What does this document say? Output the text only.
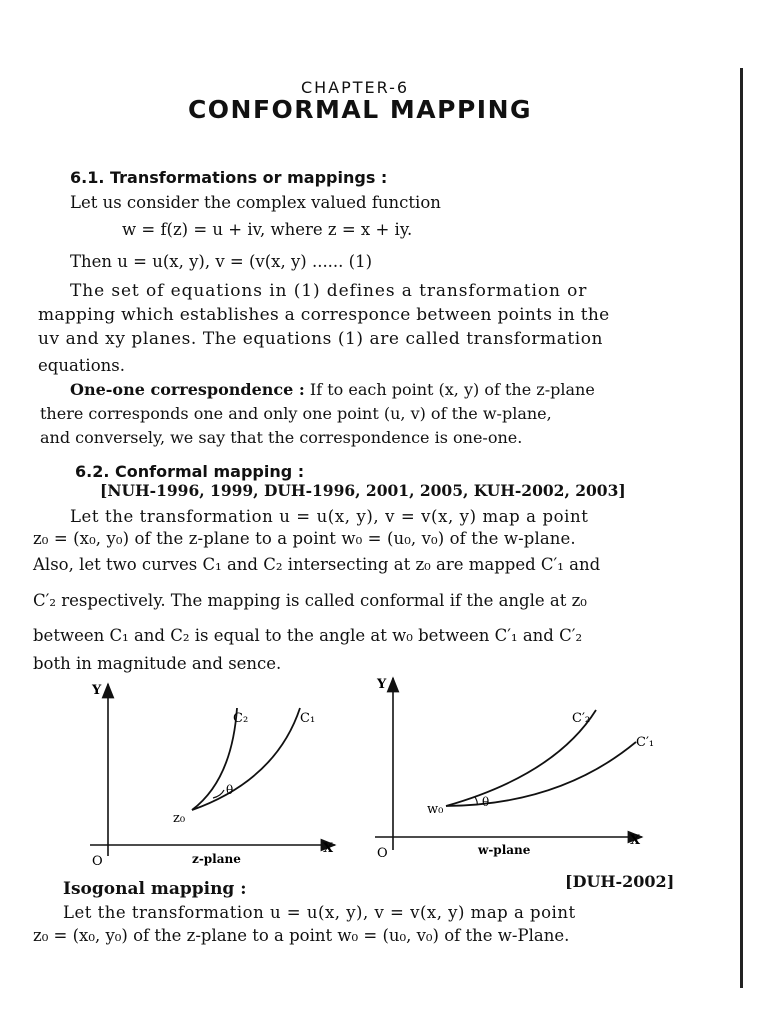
CHAPTER-6
CONFORMAL MAPPING
6.1. Transformations or mappings :
Let us consider the complex valued function
w = f(z) = u + iv, where z = x + iy.
Then u = u(x, y), v = (v(x, y) ...... (1)
The set of equations in (1) defines a transformation or
mapping which establishes a corresponce between points in the
uv and xy planes. The equations (1) are called transformation
equations.
One-one correspondence : If to each point (x, y) of the z-plane
there corresponds one and only one point (u, v) of the w-plane,
and conversely, we say that the correspondence is one-one.
6.2. Conformal mapping :
[NUH-1996, 1999, DUH-1996, 2001, 2005, KUH-2002, 2003]
Let the transformation u = u(x, y), v = v(x, y) map a point
z₀ = (x₀, y₀) of the z-plane to a point w₀ = (u₀, v₀) of the w-plane.
Also, let two curves C₁ and C₂ intersecting at z₀ are mapped C′₁ and
C′₂ respectively. The mapping is called conformal if the angle at z₀
between C₁ and C₂ is equal to the angle at w₀ between C′₁ and C′₂
both in magnitude and sence.
Y
X
O
C₂	C₁
z₀
θ
z-plane
Y
X
O
C′₂
C′₁
w₀	θ
w-plane
Isogonal mapping :	[DUH-2002]
Let the transformation u = u(x, y), v = v(x, y) map a point
z₀ = (x₀, y₀) of the z-plane to a point w₀ = (u₀, v₀) of the w-Plane.
